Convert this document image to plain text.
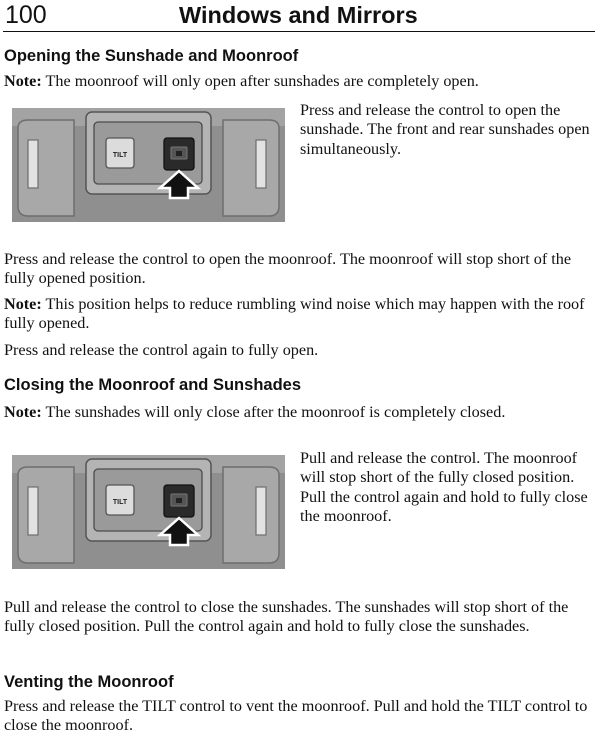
100	Windows and Mirrors
Opening the Sunshade and Moonroof

Note: The moonroof will only open after sunshades are completely open.

TILT

Press and release the control to open the sunshade. The front and rear sunshades open simultaneously.

Press and release the control to open the moonroof. The moonroof will stop short of the fully opened position.

Note: This position helps to reduce rumbling wind noise which may happen with the roof fully opened.

Press and release the control again to fully open.

Closing the Moonroof and Sunshades

Note: The sunshades will only close after the moonroof is completely closed.

TILT

Pull and release the control. The moonroof will stop short of the fully closed position. Pull the control again and hold to fully close the moonroof.

Pull and release the control to close the sunshades. The sunshades will stop short of the fully closed position. Pull the control again and hold to fully close the sunshades.

Venting the Moonroof

Press and release the TILT control to vent the moonroof. Pull and hold the TILT control to close the moonroof.
